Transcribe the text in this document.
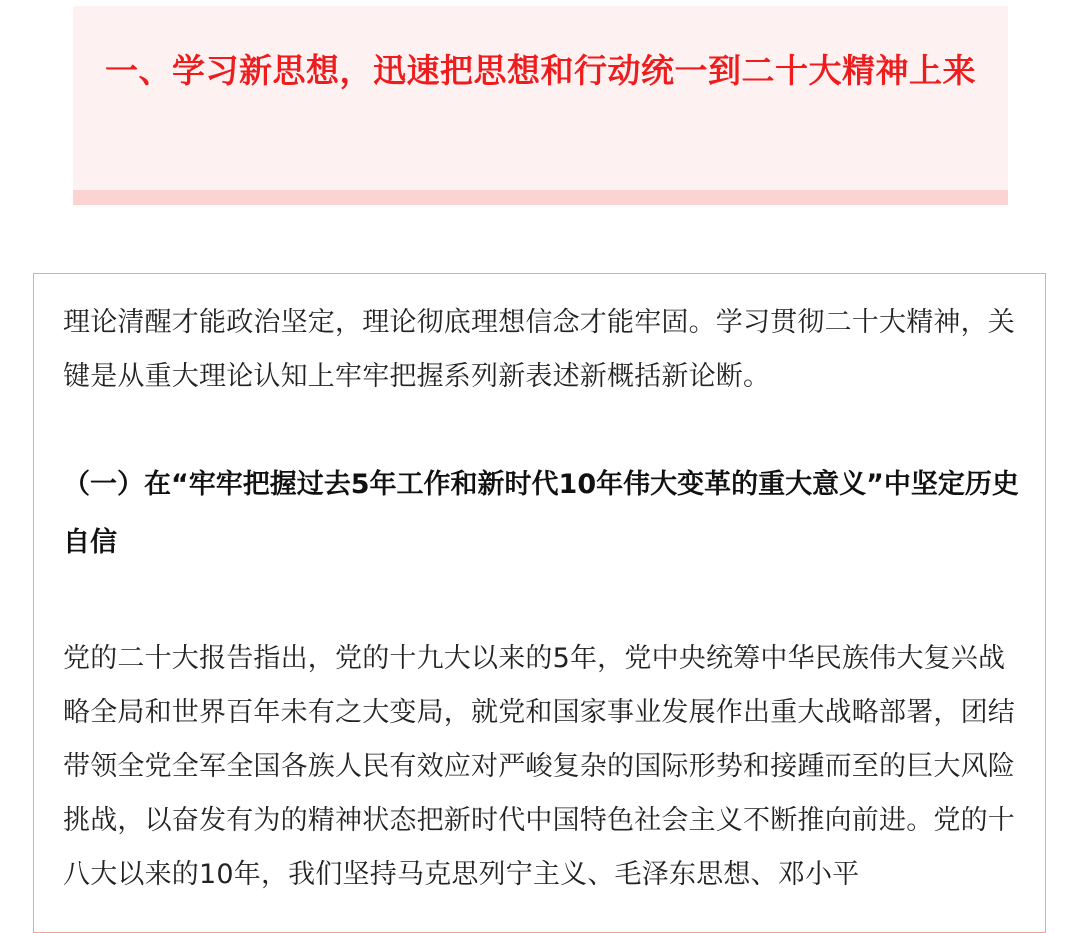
一、学习新思想，迅速把思想和行动统一到二十大精神上来

理论清醒才能政治坚定，理论彻底理想信念才能牢固。学习贯彻二十大精神，关键是从重大理论认知上牢牢把握系列新表述新概括新论断。

（一）在“牢牢把握过去5年工作和新时代10年伟大变革的重大意义”中坚定历史自信

党的二十大报告指出，党的十九大以来的5年，党中央统筹中华民族伟大复兴战略全局和世界百年未有之大变局，就党和国家事业发展作出重大战略部署，团结带领全党全军全国各族人民有效应对严峻复杂的国际形势和接踵而至的巨大风险挑战，以奋发有为的精神状态把新时代中国特色社会主义不断推向前进。党的十八大以来的10年，我们坚持马克思列宁主义、毛泽东思想、邓小平
